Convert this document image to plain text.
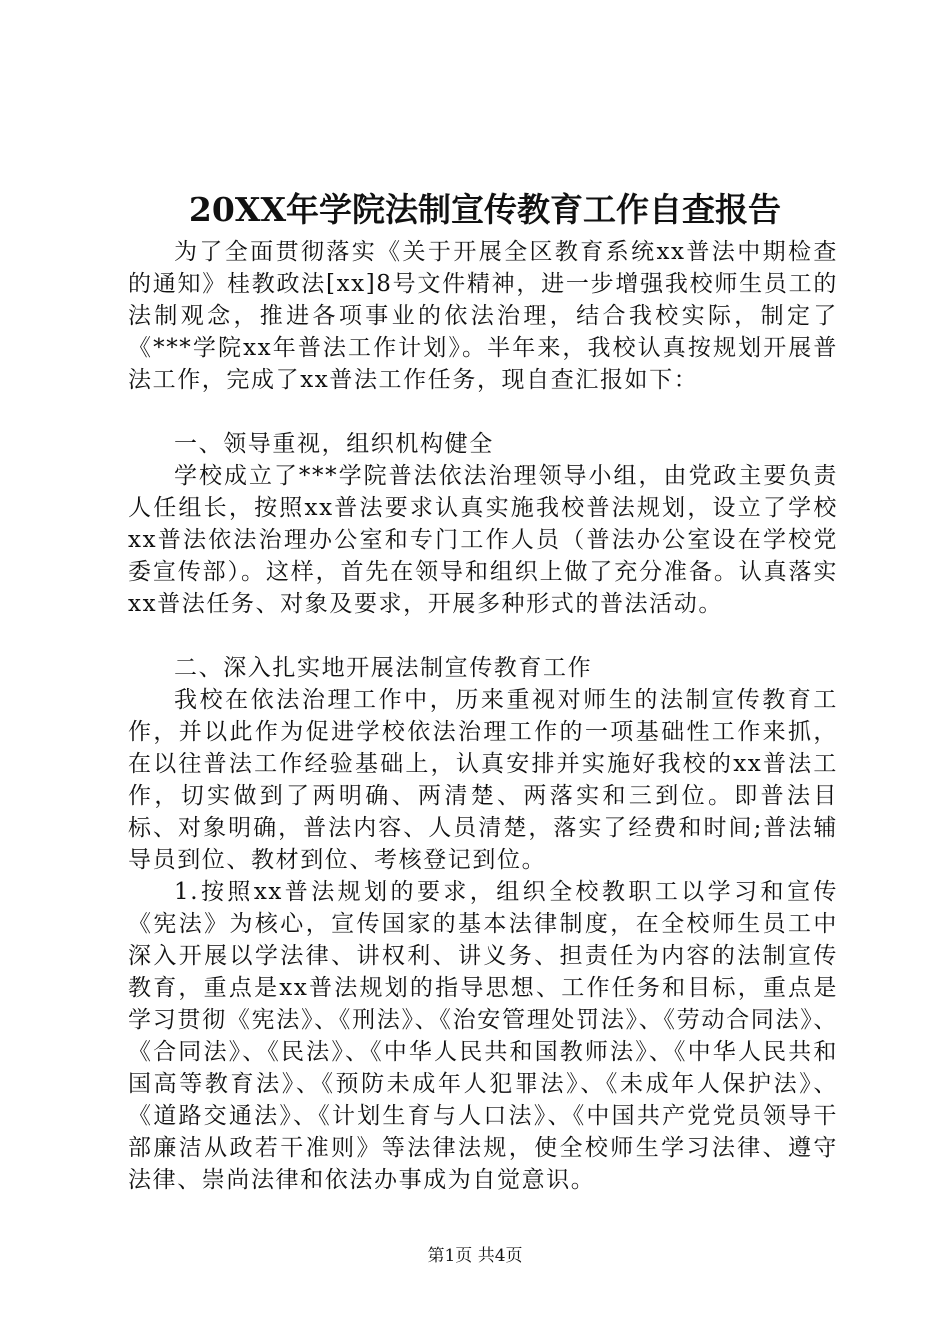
20XX年学院法制宣传教育工作自查报告

为了全面贯彻落实《关于开展全区教育系统xx普法中期检查的通知》桂教政法[xx]8号文件精神，进一步增强我校师生员工的法制观念，推进各项事业的依法治理，结合我校实际，制定了《***学院xx年普法工作计划》。半年来，我校认真按规划开展普法工作，完成了xx普法工作任务，现自查汇报如下：

一、领导重视，组织机构健全

学校成立了***学院普法依法治理领导小组，由党政主要负责人任组长，按照xx普法要求认真实施我校普法规划，设立了学校xx普法依法治理办公室和专门工作人员（普法办公室设在学校党委宣传部）。这样，首先在领导和组织上做了充分准备。认真落实xx普法任务、对象及要求，开展多种形式的普法活动。

二、深入扎实地开展法制宣传教育工作

我校在依法治理工作中，历来重视对师生的法制宣传教育工作，并以此作为促进学校依法治理工作的一项基础性工作来抓，在以往普法工作经验基础上，认真安排并实施好我校的xx普法工作，切实做到了两明确、两清楚、两落实和三到位。即普法目标、对象明确，普法内容、人员清楚，落实了经费和时间;普法辅导员到位、教材到位、考核登记到位。

1.按照xx普法规划的要求，组织全校教职工以学习和宣传《宪法》为核心，宣传国家的基本法律制度，在全校师生员工中深入开展以学法律、讲权利、讲义务、担责任为内容的法制宣传教育，重点是xx普法规划的指导思想、工作任务和目标，重点是学习贯彻《宪法》、《刑法》、《治安管理处罚法》、《劳动合同法》、《合同法》、《民法》、《中华人民共和国教师法》、《中华人民共和国高等教育法》、《预防未成年人犯罪法》、《未成年人保护法》、《道路交通法》、《计划生育与人口法》、《中国共产党党员领导干部廉洁从政若干准则》等法律法规，使全校师生学习法律、遵守法律、崇尚法律和依法办事成为自觉意识。

第1页 共4页
